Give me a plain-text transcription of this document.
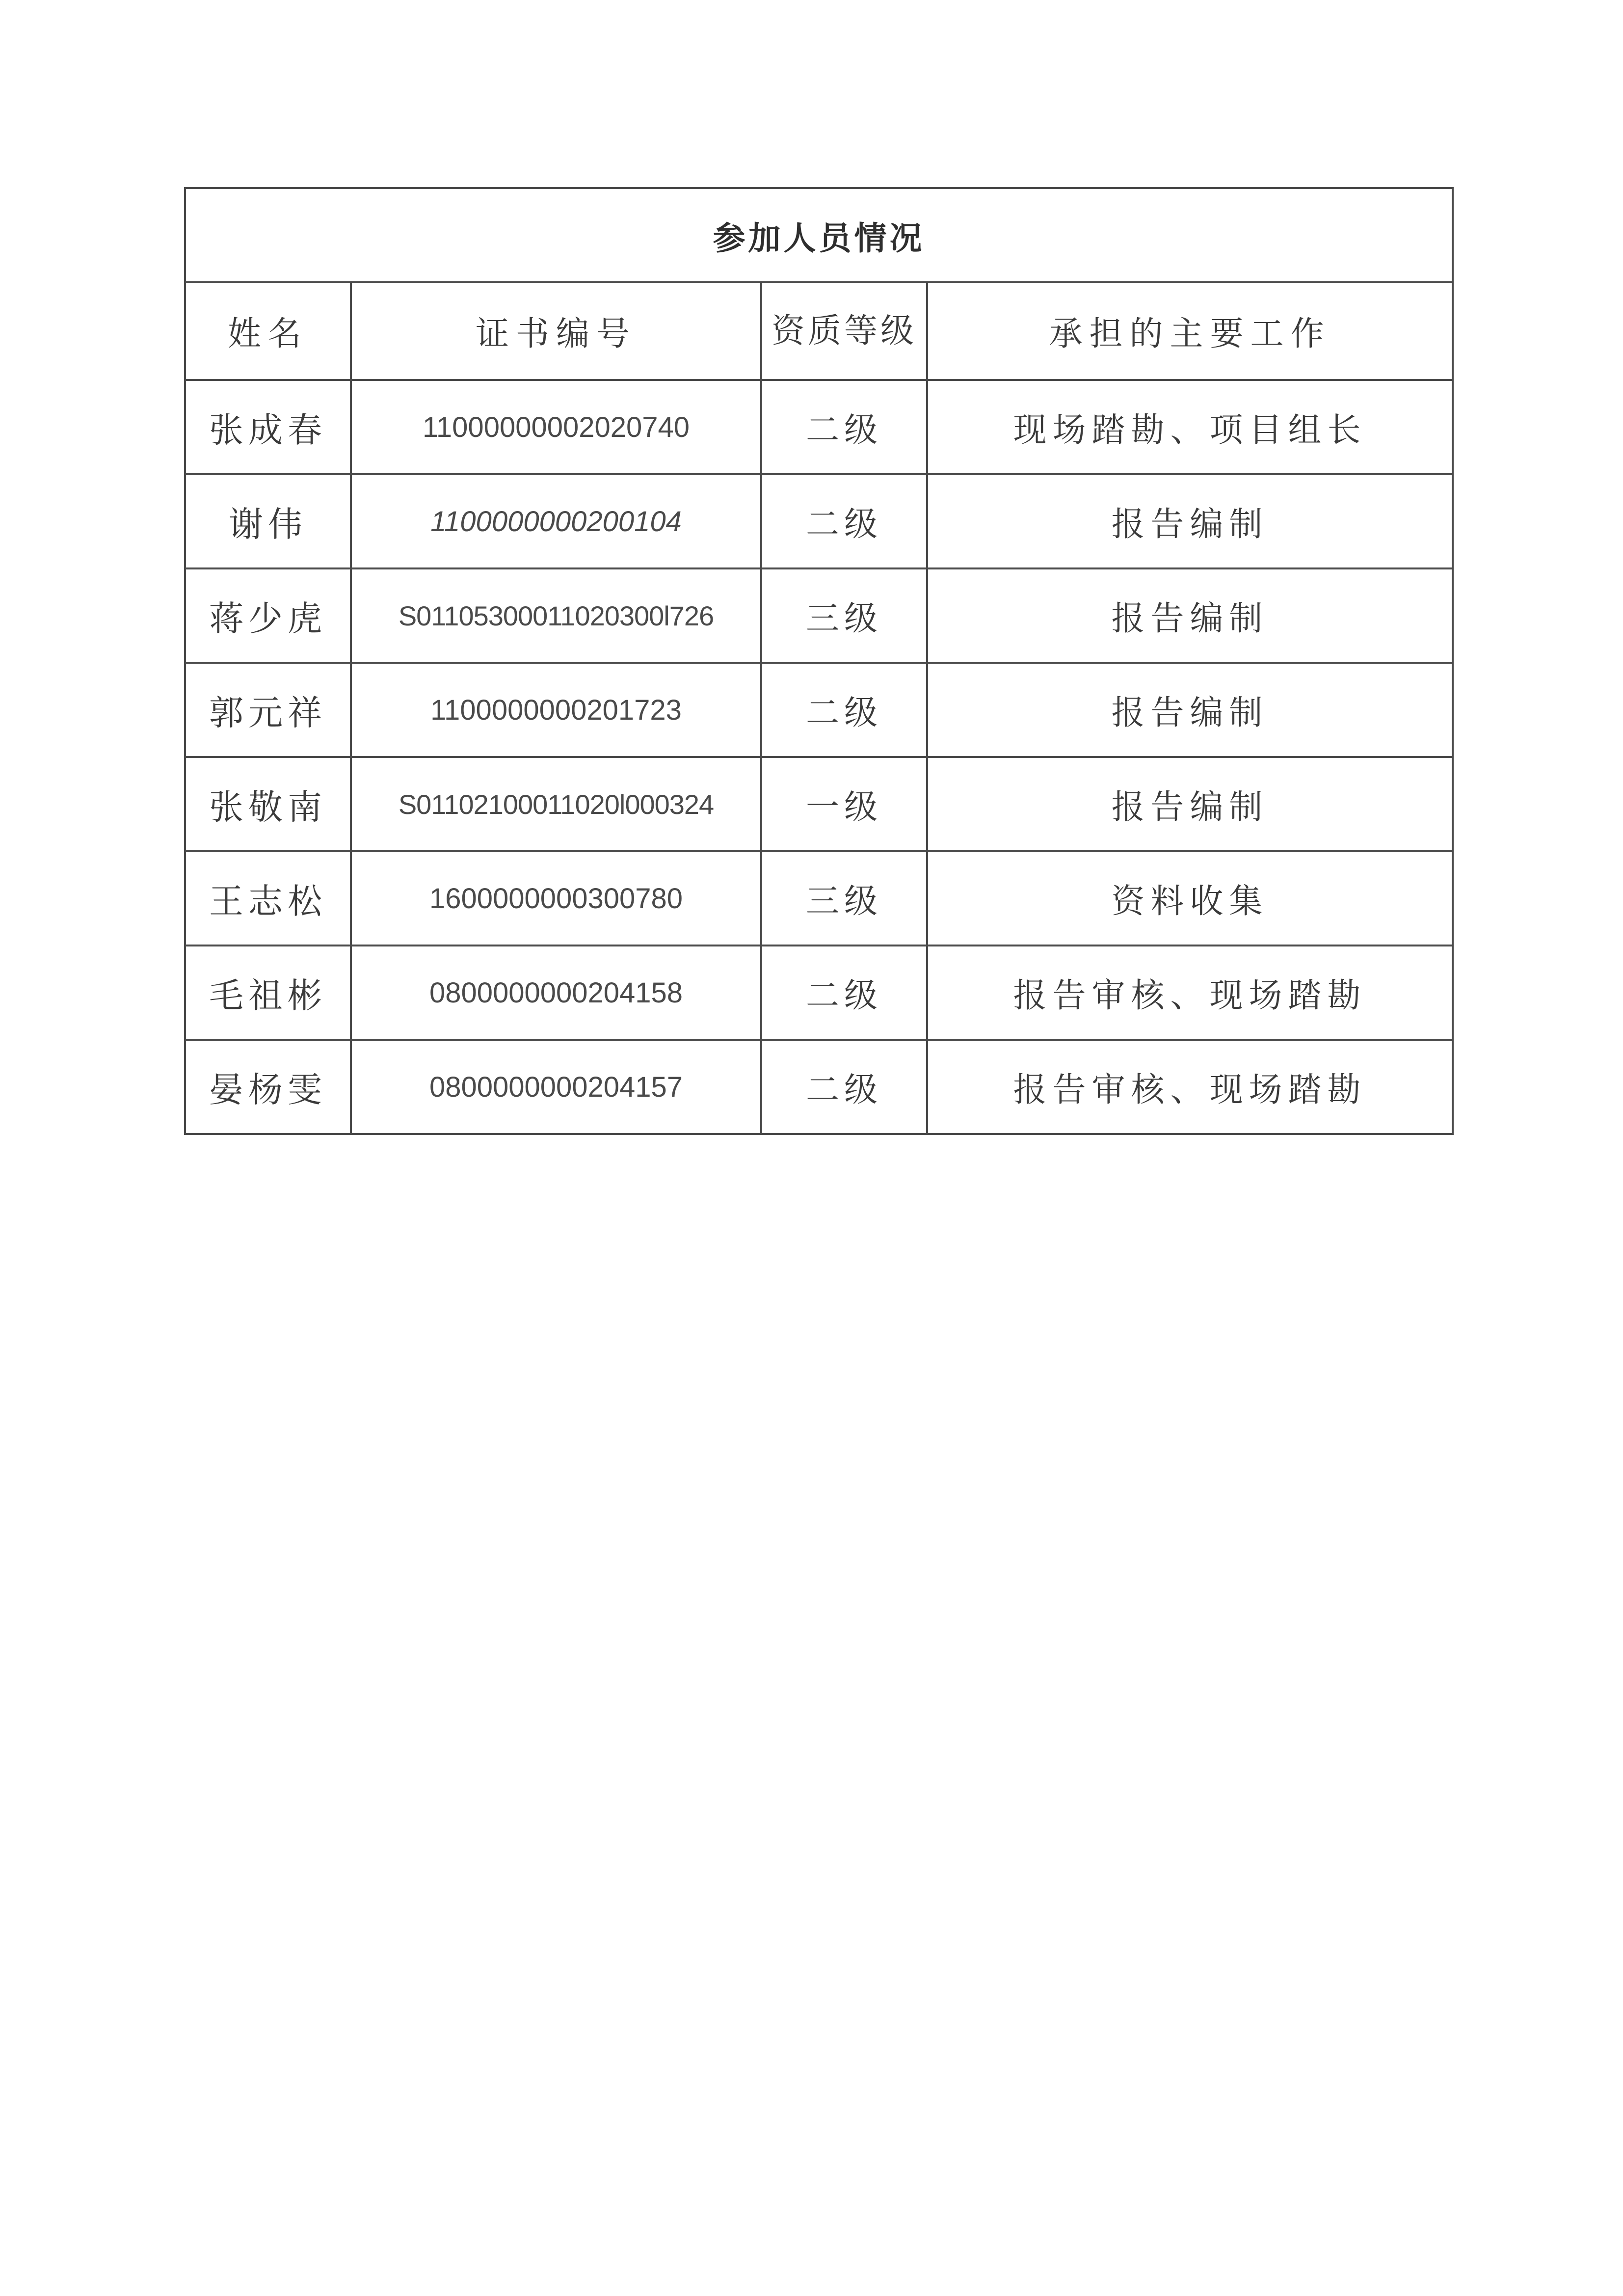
参加人员情况			
姓名	证书编号	资质等级	承担的主要工作
张成春	11000000002020740	二级	现场踏勘、项目组长
谢伟	1100000000200104	二级	报告编制
蒋少虎	S01105300011020300l726	三级	报告编制
郭元祥	1100000000201723	二级	报告编制
张敬南	S01102100011020l000324	一级	报告编制
王志松	1600000000300780	三级	资料收集
毛祖彬	0800000000204158	二级	报告审核、现场踏勘
晏杨雯	0800000000204157	二级	报告审核、现场踏勘
